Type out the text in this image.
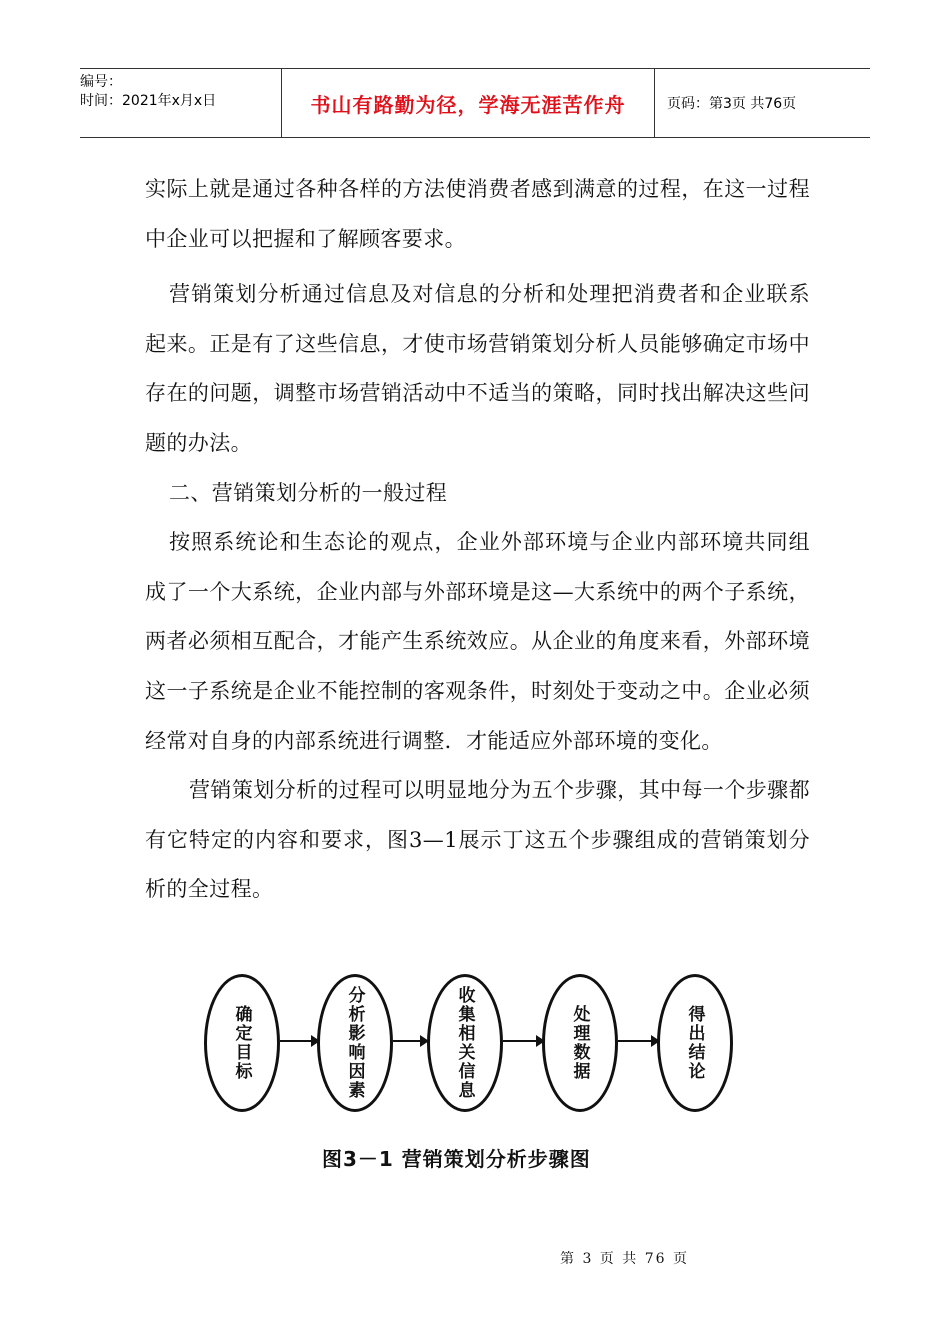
编号：
时间：2021年x月x日	书山有路勤为径，学海无涯苦作舟	页码：第3页 共76页

实际上就是通过各种各样的方法使消费者感到满意的过程，在这一过程中企业可以把握和了解顾客要求。

营销策划分析通过信息及对信息的分析和处理把消费者和企业联系起来。正是有了这些信息，才使市场营销策划分析人员能够确定市场中存在的问题，调整市场营销活动中不适当的策略，同时找出解决这些问题的办法。

二、营销策划分析的一般过程

按照系统论和生态论的观点，企业外部环境与企业内部环境共同组成了一个大系统，企业内部与外部环境是这—大系统中的两个子系统，两者必须相互配合，才能产生系统效应。从企业的角度来看，外部环境这一子系统是企业不能控制的客观条件，时刻处于变动之中。企业必须经常对自身的内部系统进行调整．才能适应外部环境的变化。

营销策划分析的过程可以明显地分为五个步骤，其中每一个步骤都有它特定的内容和要求，图3—1展示丁这五个步骤组成的营销策划分析的全过程。

确定目标	分析影响因素	收集相关信息	处理数据	得出结论
图3－1 营销策划分析步骤图
第 3 页 共 76 页
